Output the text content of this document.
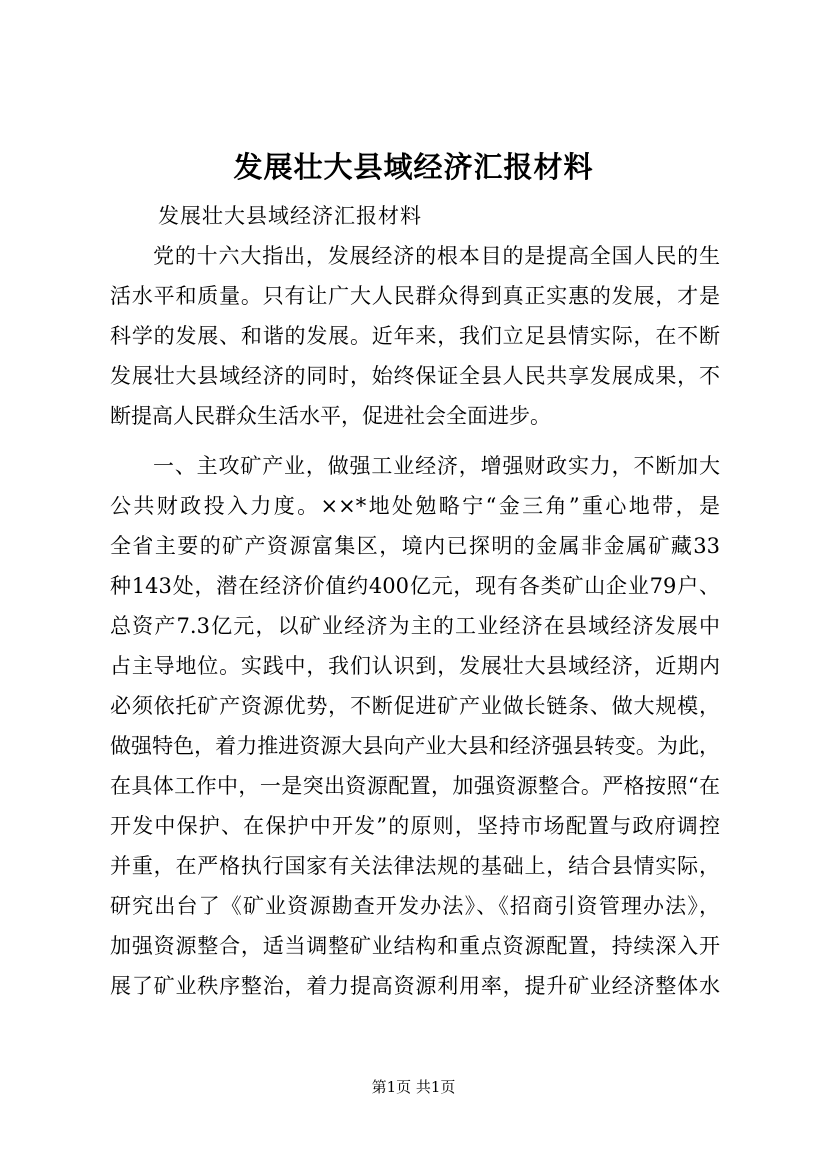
发展壮大县域经济汇报材料

发展壮大县域经济汇报材料

党的十六大指出，发展经济的根本目的是提高全国人民的生

活水平和质量。只有让广大人民群众得到真正实惠的发展，才是

科学的发展、和谐的发展。近年来，我们立足县情实际，在不断

发展壮大县域经济的同时，始终保证全县人民共享发展成果，不

断提高人民群众生活水平，促进社会全面进步。

一、主攻矿产业，做强工业经济，增强财政实力，不断加大

公共财政投入力度。××*地处勉略宁“金三角”重心地带，是

全省主要的矿产资源富集区，境内已探明的金属非金属矿藏33

种143处，潜在经济价值约400亿元，现有各类矿山企业79户、

总资产7.3亿元，以矿业经济为主的工业经济在县域经济发展中

占主导地位。实践中，我们认识到，发展壮大县域经济，近期内

必须依托矿产资源优势，不断促进矿产业做长链条、做大规模，

做强特色，着力推进资源大县向产业大县和经济强县转变。为此，

在具体工作中，一是突出资源配置，加强资源整合。严格按照“在

开发中保护、在保护中开发”的原则，坚持市场配置与政府调控

并重，在严格执行国家有关法律法规的基础上，结合县情实际，

研究出台了《矿业资源勘查开发办法》、《招商引资管理办法》，

加强资源整合，适当调整矿业结构和重点资源配置，持续深入开

展了矿业秩序整治，着力提高资源利用率，提升矿业经济整体水

第1页 共1页
